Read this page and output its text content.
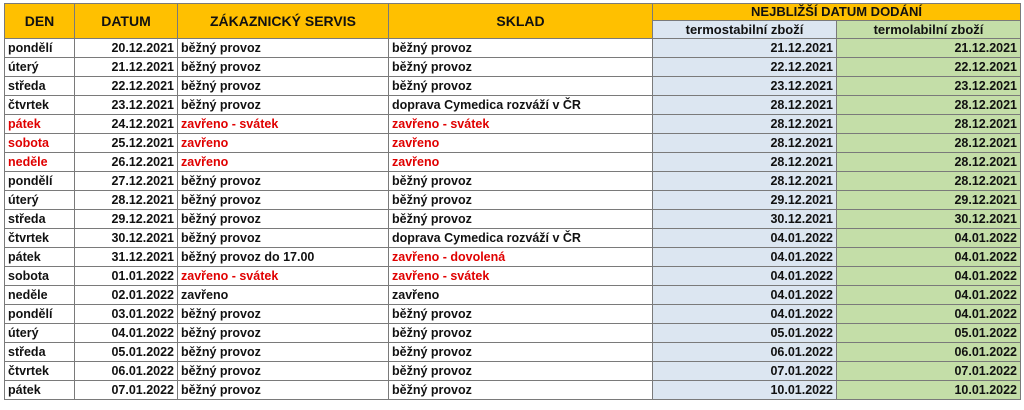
DEN	DATUM	ZÁKAZNICKÝ SERVIS	SKLAD	NEJBLIŽŠÍ DATUM DODÁNÍ	
				termostabilní zboží	termolabilní zboží
pondělí	20.12.2021	běžný provoz	běžný provoz	21.12.2021	21.12.2021
úterý	21.12.2021	běžný provoz	běžný provoz	22.12.2021	22.12.2021
středa	22.12.2021	běžný provoz	běžný provoz	23.12.2021	23.12.2021
čtvrtek	23.12.2021	běžný provoz	doprava Cymedica rozváží v ČR	28.12.2021	28.12.2021
pátek	24.12.2021	zavřeno - svátek	zavřeno - svátek	28.12.2021	28.12.2021
sobota	25.12.2021	zavřeno	zavřeno	28.12.2021	28.12.2021
neděle	26.12.2021	zavřeno	zavřeno	28.12.2021	28.12.2021
pondělí	27.12.2021	běžný provoz	běžný provoz	28.12.2021	28.12.2021
úterý	28.12.2021	běžný provoz	běžný provoz	29.12.2021	29.12.2021
středa	29.12.2021	běžný provoz	běžný provoz	30.12.2021	30.12.2021
čtvrtek	30.12.2021	běžný provoz	doprava Cymedica rozváží v ČR	04.01.2022	04.01.2022
pátek	31.12.2021	běžný provoz do 17.00	zavřeno - dovolená	04.01.2022	04.01.2022
sobota	01.01.2022	zavřeno - svátek	zavřeno - svátek	04.01.2022	04.01.2022
neděle	02.01.2022	zavřeno	zavřeno	04.01.2022	04.01.2022
pondělí	03.01.2022	běžný provoz	běžný provoz	04.01.2022	04.01.2022
úterý	04.01.2022	běžný provoz	běžný provoz	05.01.2022	05.01.2022
středa	05.01.2022	běžný provoz	běžný provoz	06.01.2022	06.01.2022
čtvrtek	06.01.2022	běžný provoz	běžný provoz	07.01.2022	07.01.2022
pátek	07.01.2022	běžný provoz	běžný provoz	10.01.2022	10.01.2022
